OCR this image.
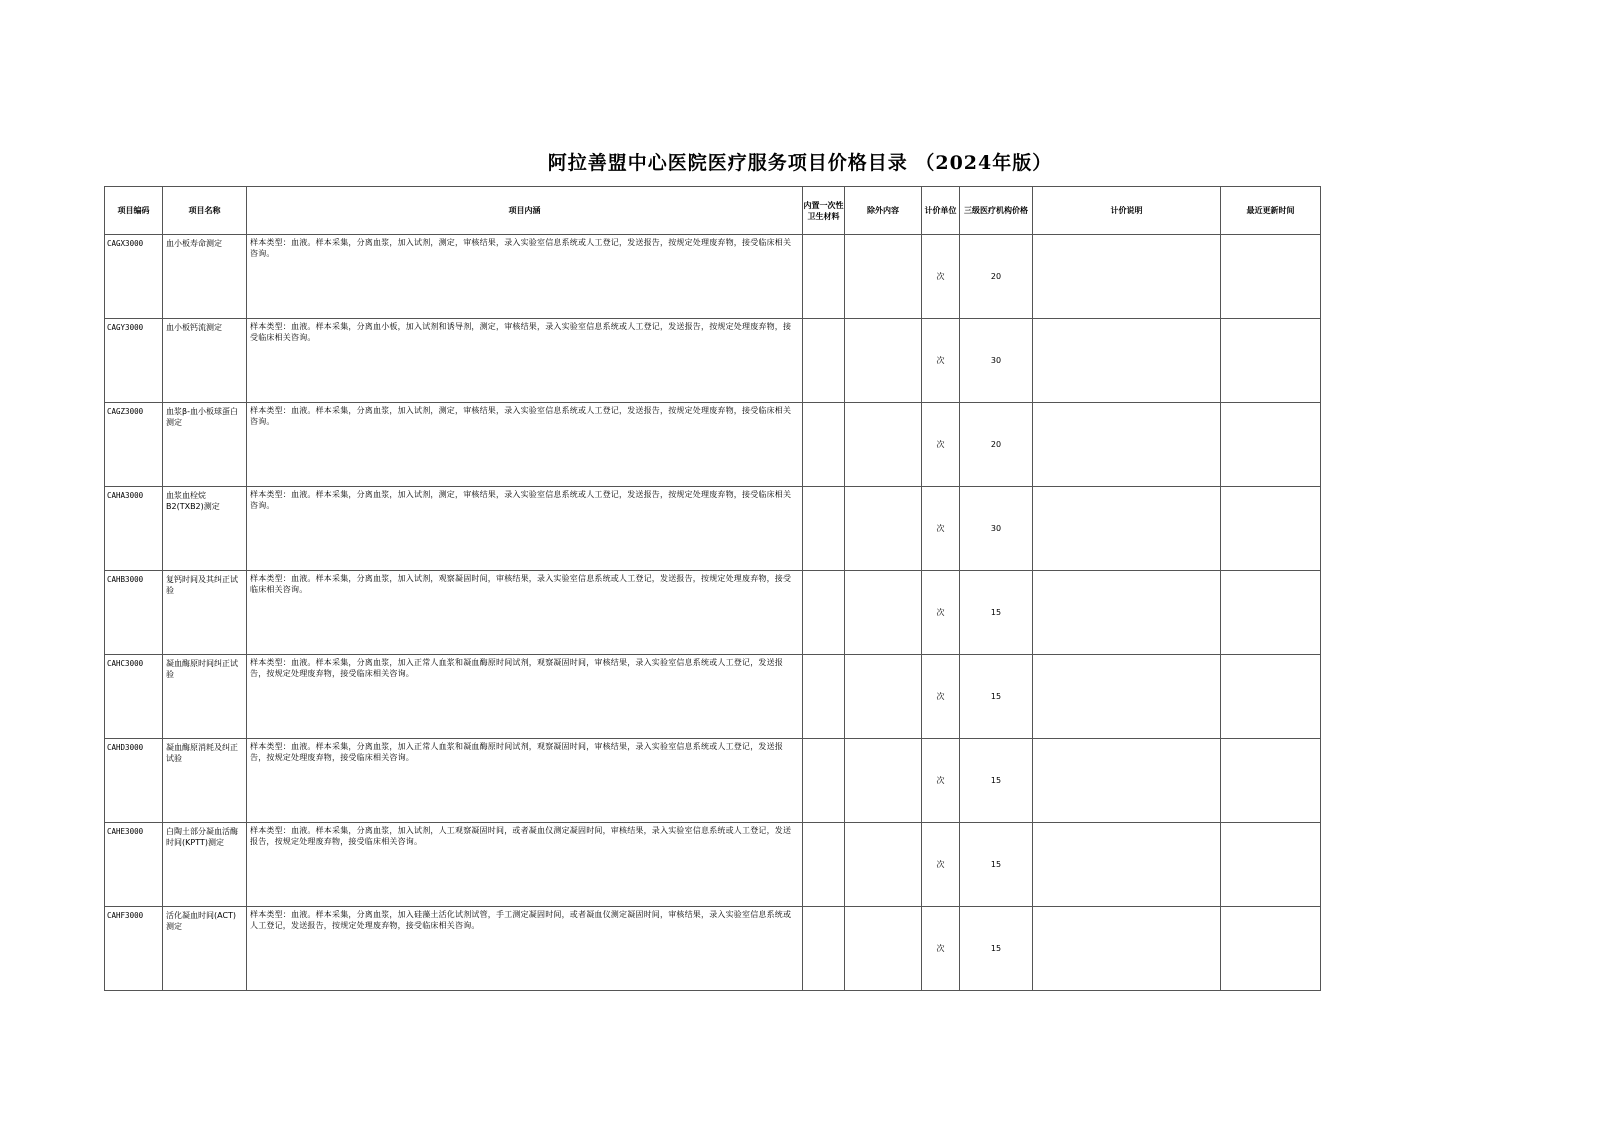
阿拉善盟中心医院医疗服务项目价格目录 （2024年版）
项目编码	项目名称	项目内涵	内置一次性卫生材料	除外内容	计价单位	三级医疗机构价格	计价说明	最近更新时间
CAGX3000	血小板寿命测定	样本类型：血液。样本采集，分离血浆，加入试剂，测定，审核结果，录入实验室信息系统或人工登记，发送报告，按规定处理废弃物，接受临床相关咨询。			次	20		
CAGY3000	血小板钙流测定	样本类型：血液。样本采集，分离血小板，加入试剂和诱导剂，测定，审核结果，录入实验室信息系统或人工登记，发送报告，按规定处理废弃物，接受临床相关咨询。			次	30		
CAGZ3000	血浆β-血小板球蛋白测定	样本类型：血液。样本采集，分离血浆，加入试剂，测定，审核结果，录入实验室信息系统或人工登记，发送报告，按规定处理废弃物，接受临床相关咨询。			次	20		
CAHA3000	血浆血栓烷B2(TXB2)测定	样本类型：血液。样本采集，分离血浆，加入试剂，测定，审核结果，录入实验室信息系统或人工登记，发送报告，按规定处理废弃物，接受临床相关咨询。			次	30		
CAHB3000	复钙时间及其纠正试验	样本类型：血液。样本采集，分离血浆，加入试剂，观察凝固时间，审核结果，录入实验室信息系统或人工登记，发送报告，按规定处理废弃物，接受临床相关咨询。			次	15		
CAHC3000	凝血酶原时间纠正试验	样本类型：血液。样本采集，分离血浆，加入正常人血浆和凝血酶原时间试剂，观察凝固时间，审核结果，录入实验室信息系统或人工登记，发送报告，按规定处理废弃物，接受临床相关咨询。			次	15		
CAHD3000	凝血酶原消耗及纠正试验	样本类型：血液。样本采集，分离血浆，加入正常人血浆和凝血酶原时间试剂，观察凝固时间，审核结果，录入实验室信息系统或人工登记，发送报告，按规定处理废弃物，接受临床相关咨询。			次	15		
CAHE3000	白陶土部分凝血活酶时间(KPTT)测定	样本类型：血液。样本采集，分离血浆，加入试剂，人工观察凝固时间，或者凝血仪测定凝固时间，审核结果，录入实验室信息系统或人工登记，发送报告，按规定处理废弃物，接受临床相关咨询。			次	15		
CAHF3000	活化凝血时间(ACT)测定	样本类型：血液。样本采集，分离血浆，加入硅藻土活化试剂试管，手工测定凝固时间，或者凝血仪测定凝固时间，审核结果，录入实验室信息系统或人工登记，发送报告，按规定处理废弃物，接受临床相关咨询。			次	15		
